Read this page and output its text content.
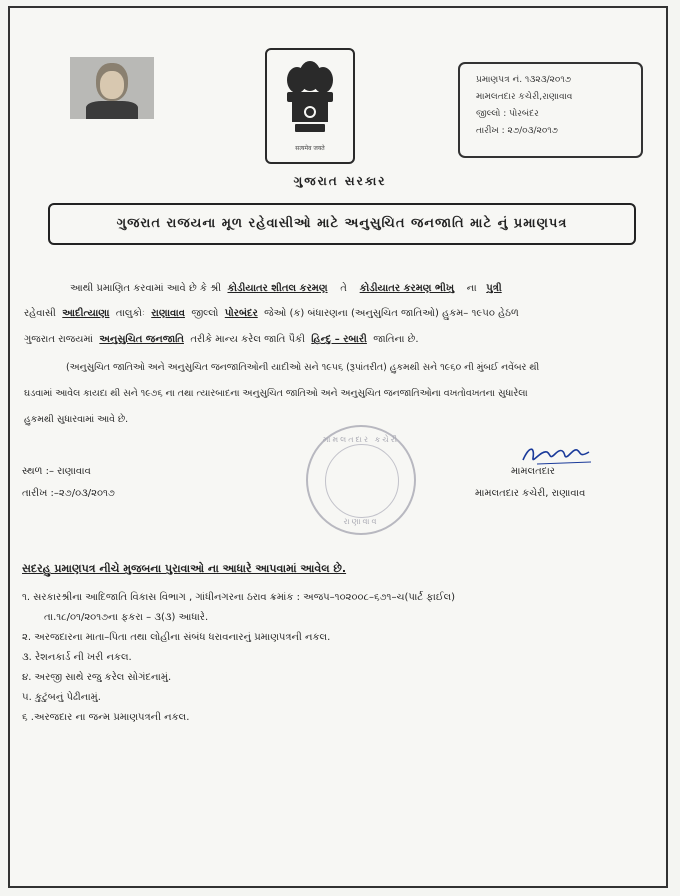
सत्यमेव जयते
પ્રમાણપત્ર નં. ૧૩૨૩/૨૦૧૭
મામલતદાર કચેરી,રાણાવાવ
જીલ્લો : પોરબંદર
તારીખ : ૨૭/૦૩/૨૦૧૭
ગુજરાત સરકાર
ગુજરાત રાજયના મૂળ રહેવાસીઓ માટે અનુસુચિત જનજાતિ માટે નું પ્રમાણપત્ર
આથી પ્રમાણિત કરવામાં આવે છે કે શ્રી કોડીયાતર શીતલ કરમણ તે કોડીયાતર કરમણ ભીખુ ના પુત્રી
રહેવાસી આદીત્યાણા તાલુકોઃ રાણાવાવ જીલ્લો પોરબંદર જેઓ (ક) બંધારણના (અનુસુચિત જાતિઓ) હુકમ– ૧૯૫૦ હેઠળ
ગુજરાત રાજયમાં અનુસુચિત જનજાતિ તરીકે માન્ય કરેલ જાતિ પૈકી હિન્દુ – રબારી જાતિના છે.
(અનુસુચિત જાતિઓ અને અનુસુચિત જનજાતિઓની યાદીઓ સને ૧૯૫૬ (રૂપાંતરીત) હુકમથી સને ૧૯૬૦ ની મુંબઈ નવેંબર થી
ઘડવામાં આવેલ કાયદા થી સને ૧૯૭૬ ના તથા ત્યારબાદના અનુસુચિત જાતિઓ અને અનુસુચિત જનજાતિઓના વખતોવખતના સુધારેલા
હુકમથી સુધારવામાં આવે છે.
મામલતદાર કચેરી
રાણાવાવ
મામલતદાર
મામલતદાર કચેરી, રાણાવાવ
સ્થળ :– રાણાવાવ
તારીખ :–૨૭/૦૩/૨૦૧૭
સદરહુ પ્રમાણપત્ર નીચે મુજબના પુરાવાઓ ના આધારે આપવામાં આવેલ છે.
૧. સરકારશ્રીના આદિજાતિ વિકાસ વિભાગ , ગાંધીનગરના ઠરાવ ક્રમાંક : અજપ–૧૦૨૦૦૮–૬૭૧–ચ(પાર્ટ ફાઈલ)
તા.૧૮/૦૧/૨૦૧૭ના ફકરા – ૩(૩) આધારે.
૨. અરજદારના માતા–પિતા તથા લોહીના સંબંધ ધરાવનારનું પ્રમાણપત્રની નકલ.
૩. રેશનકાર્ડ ની ખરી નકલ.
૪. અરજી સાથે રજુ કરેલ સોગંદનામું.
૫. કુટુંબનું પેઢીનામું.
૬ .અરજદાર ના જન્મ પ્રમાણપત્રની નકલ.
